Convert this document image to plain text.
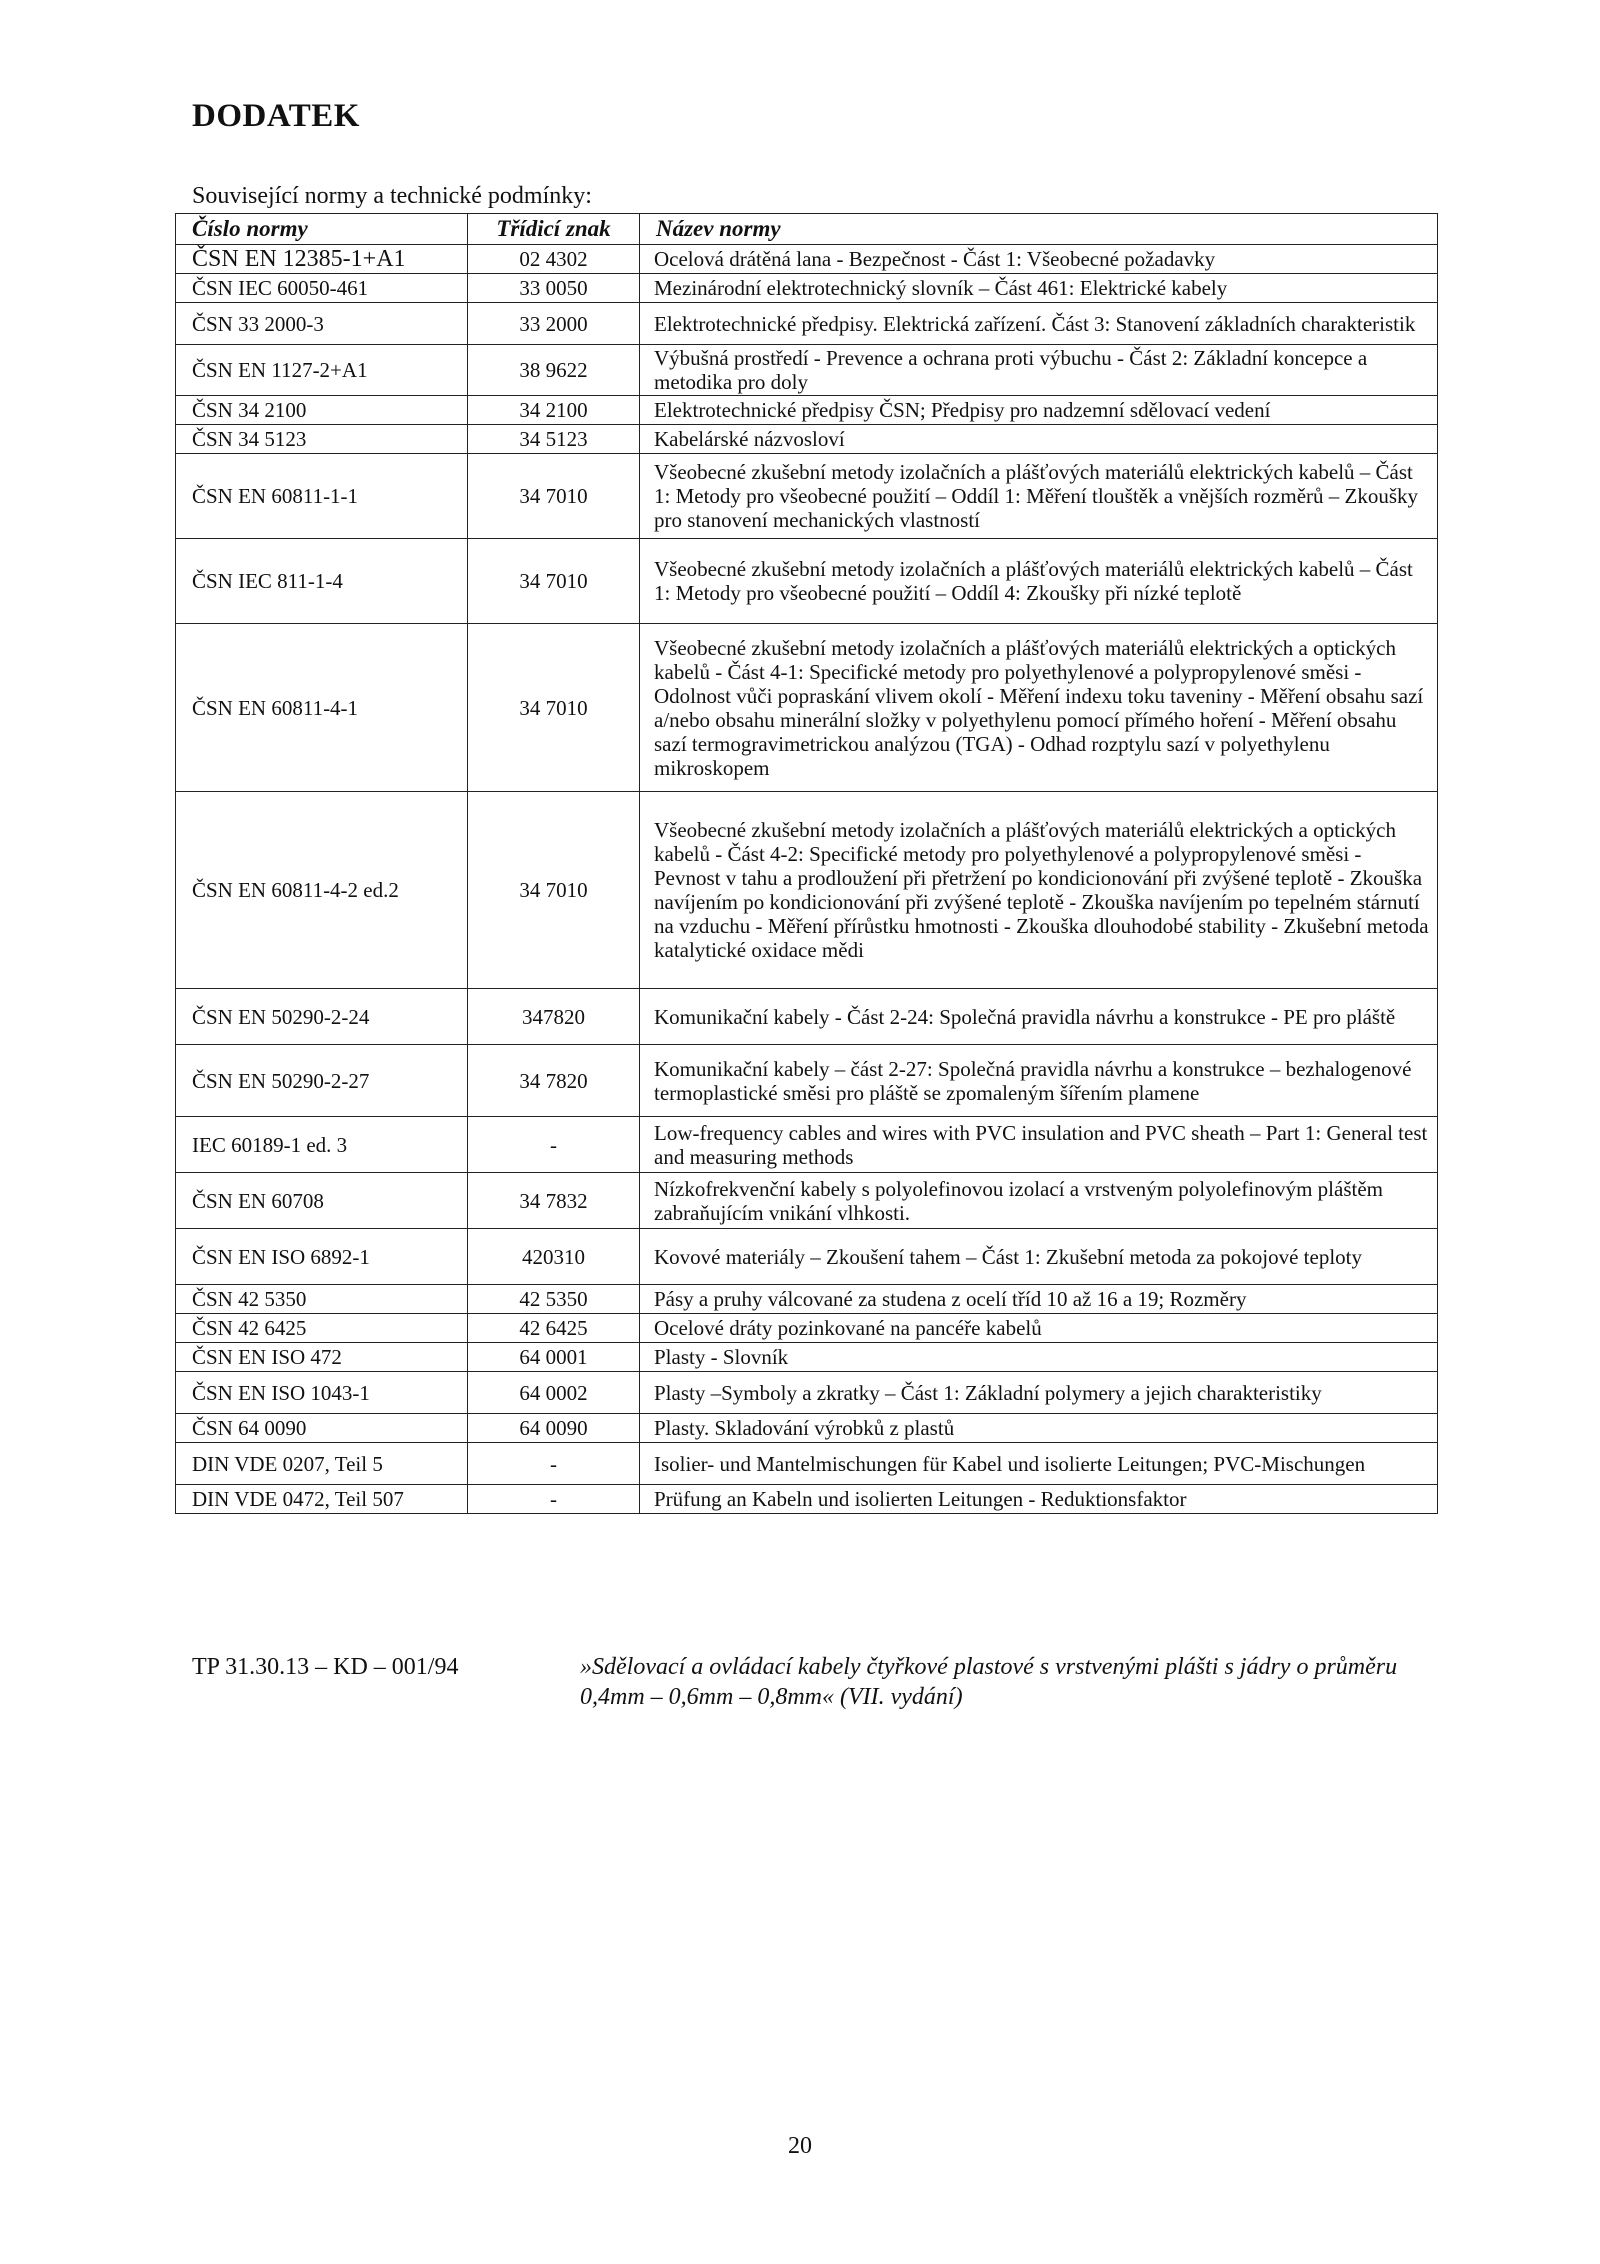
DODATEK
Související normy a technické podmínky:
Číslo normy	Třídicí znak	Název normy
ČSN EN 12385-1+A1	02 4302	Ocelová drátěná lana - Bezpečnost - Část 1: Všeobecné požadavky
ČSN IEC 60050-461	33 0050	Mezinárodní elektrotechnický slovník – Část 461: Elektrické kabely
ČSN 33 2000-3	33 2000	Elektrotechnické předpisy. Elektrická zařízení. Část 3: Stanovení základních charakteristik
ČSN EN 1127-2+A1	38 9622	Výbušná prostředí - Prevence a ochrana proti výbuchu - Část 2: Základní koncepce a metodika pro doly
ČSN 34 2100	34 2100	Elektrotechnické předpisy ČSN; Předpisy pro nadzemní sdělovací vedení
ČSN 34 5123	34 5123	Kabelárské názvosloví
ČSN EN 60811-1-1	34 7010	Všeobecné zkušební metody izolačních a plášťových materiálů elektrických kabelů – Část 1: Metody pro všeobecné použití – Oddíl 1: Měření tlouštěk a vnějších rozměrů – Zkoušky pro stanovení mechanických vlastností
ČSN IEC 811-1-4	34 7010	Všeobecné zkušební metody izolačních a plášťových materiálů elektrických kabelů – Část 1: Metody pro všeobecné použití – Oddíl 4: Zkoušky při nízké teplotě
ČSN EN 60811-4-1	34 7010	Všeobecné zkušební metody izolačních a plášťových materiálů elektrických a optických kabelů - Část 4-1: Specifické metody pro polyethylenové a polypropylenové směsi - Odolnost vůči popraskání vlivem okolí - Měření indexu toku taveniny - Měření obsahu sazí a/nebo obsahu minerální složky v polyethylenu pomocí přímého hoření - Měření obsahu sazí termogravimetrickou analýzou (TGA) - Odhad rozptylu sazí v polyethylenu mikroskopem
ČSN EN 60811-4-2 ed.2	34 7010	Všeobecné zkušební metody izolačních a plášťových materiálů elektrických a optických kabelů - Část 4-2: Specifické metody pro polyethylenové a polypropylenové směsi - Pevnost v tahu a prodloužení při přetržení po kondicionování při zvýšené teplotě - Zkouška navíjením po kondicionování při zvýšené teplotě - Zkouška navíjením po tepelném stárnutí na vzduchu - Měření přírůstku hmotnosti - Zkouška dlouhodobé stability - Zkušební metoda katalytické oxidace mědi
ČSN EN 50290-2-24	347820	Komunikační kabely - Část 2-24: Společná pravidla návrhu a konstrukce - PE pro pláště
ČSN EN 50290-2-27	34 7820	Komunikační kabely – část 2-27: Společná pravidla návrhu a konstrukce – bezhalogenové termoplastické směsi pro pláště se zpomaleným šířením plamene
IEC 60189-1 ed. 3	-	Low-frequency cables and wires with PVC insulation and PVC sheath – Part 1: General test and measuring methods
ČSN EN 60708	34 7832	Nízkofrekvenční kabely s polyolefinovou izolací a vrstveným polyolefinovým pláštěm zabraňujícím vnikání vlhkosti.
ČSN EN ISO 6892-1	420310	Kovové materiály – Zkoušení tahem – Část 1: Zkušební metoda za pokojové teploty
ČSN 42 5350	42 5350	Pásy a pruhy válcované za studena z ocelí tříd 10 až 16 a 19; Rozměry
ČSN 42 6425	42 6425	Ocelové dráty pozinkované na pancéře kabelů
ČSN EN ISO 472	64 0001	Plasty - Slovník
ČSN EN ISO 1043-1	64 0002	Plasty –Symboly a zkratky – Část 1: Základní polymery a jejich charakteristiky
ČSN 64 0090	64 0090	Plasty. Skladování výrobků z plastů
DIN VDE 0207, Teil 5	-	Isolier- und Mantelmischungen für Kabel und isolierte Leitungen; PVC-Mischungen
DIN VDE 0472, Teil 507	-	Prüfung an Kabeln und isolierten Leitungen - Reduktionsfaktor
TP 31.30.13 – KD – 001/94	»Sdělovací a ovládací kabely čtyřkové plastové s vrstvenými plášti s jádry o průměru 0,4mm – 0,6mm – 0,8mm« (VII. vydání)
20
